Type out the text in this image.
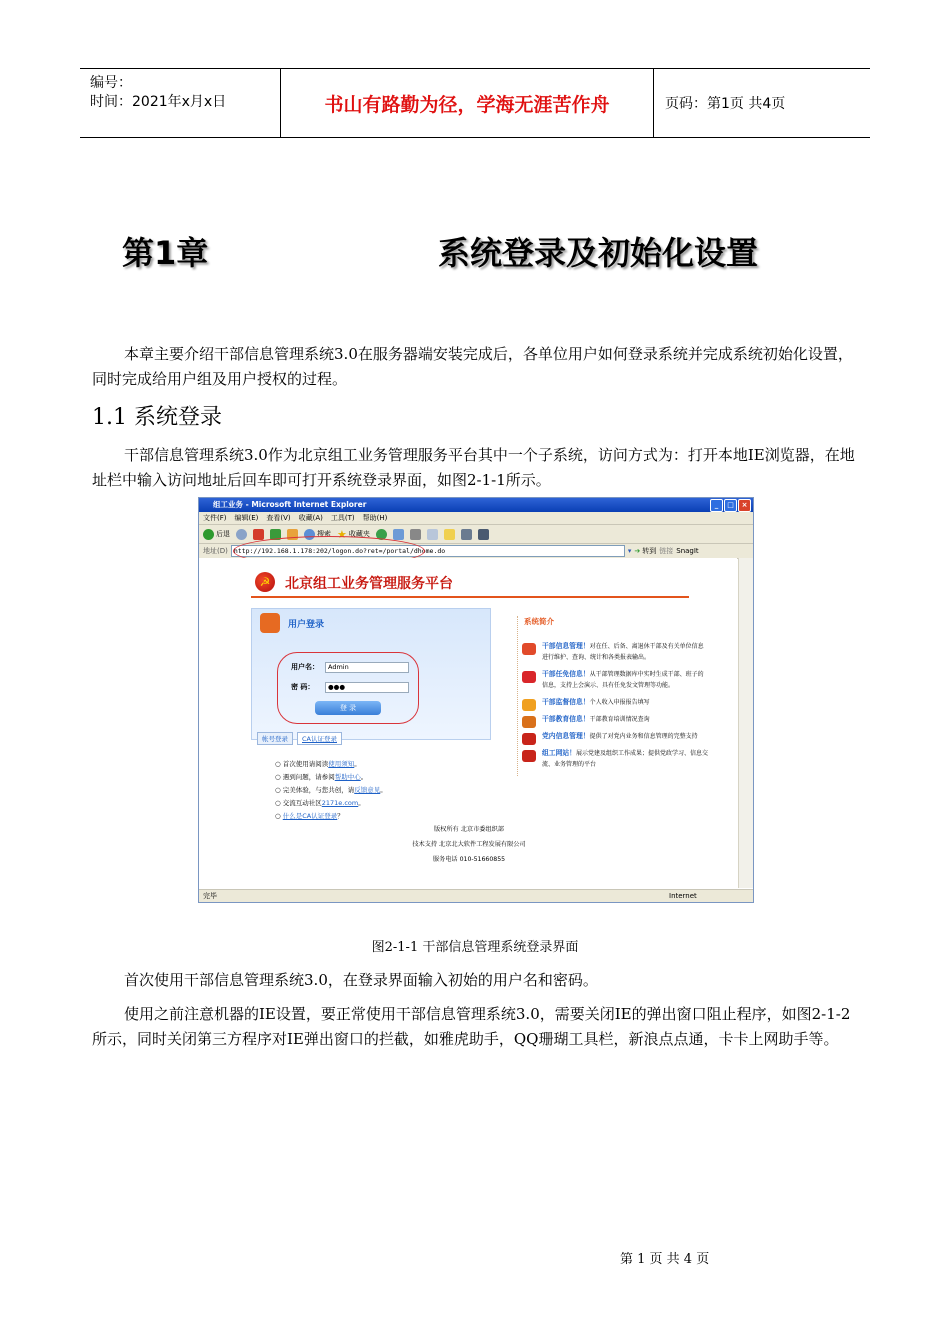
编号：
时间：2021年x月x日	书山有路勤为径，学海无涯苦作舟	页码：第1页 共4页
第1章	系统登录及初始化设置
本章主要介绍干部信息管理系统3.0在服务器端安装完成后，各单位用户如何登录系统并完成系统初始化设置，同时完成给用户组及用户授权的过程。
1.1 系统登录
干部信息管理系统3.0作为北京组工业务管理服务平台其中一个子系统，访问方式为：打开本地IE浏览器，在地址栏中输入访问地址后回车即可打开系统登录界面，如图2-1-1所示。
组工业务 - Microsoft Internet Explorer	_	□	×
文件(F) 编辑(E) 查看(V) 收藏(A) 工具(T) 帮助(H)
后退	搜索 ★ 收藏夹
地址(D) http://192.168.1.178:202/logon.do?ret=/portal/dhome.do	▾ ➔ 转到 链接 SnagIt
☭	北京组工业务管理服务平台
用户登录
用户名：	Admin
密 码：	●●●
登 录
帐号登录	CA认证登录
○ 首次使用请阅读使用须知。
○ 遇到问题，请参阅帮助中心。
○ 完美体验，与您共创，请反馈意见。
○ 交流互动社区2171e.com。
○ 什么是CA认证登录？
系统简介
干部信息管理！对在任、后备、离退休干部及有关单位信息进行维护、查询、统计和各类报表输出。
干部任免信息！从干部管理数据库中实时生成干部、班子的信息，支持上会演示、具有任免发文管理等功能。
干部监督信息！个人收入申报报告填写
干部教育信息！干部教育培训情况查询
党内信息管理！提供了对党内业务和信息管理的完整支持
组工网站！展示党建及组织工作成果；提供党政学习、信息交流、业务管理的平台
版权所有 北京市委组织部
技术支持 北京北大软件工程发展有限公司
服务电话 010-51660855
完毕	Internet
图2-1-1 干部信息管理系统登录界面
首次使用干部信息管理系统3.0，在登录界面输入初始的用户名和密码。
使用之前注意机器的IE设置，要正常使用干部信息管理系统3.0，需要关闭IE的弹出窗口阻止程序，如图2-1-2所示，同时关闭第三方程序对IE弹出窗口的拦截，如雅虎助手，QQ珊瑚工具栏，新浪点点通，卡卡上网助手等。
第 1 页 共 4 页
